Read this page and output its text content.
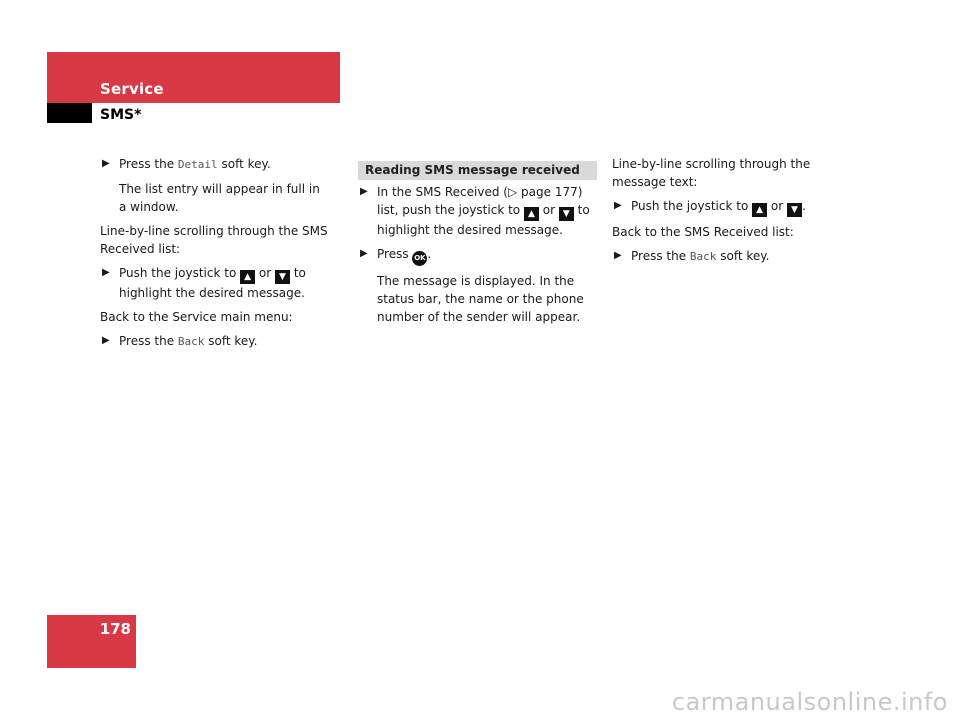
Service
SMS*
▶ Press the Detail soft key.
The list entry will appear in full in a window.
Line-by-line scrolling through the SMS Received list:
▶ Push the joystick to ▲ or ▼ to highlight the desired message.
Back to the Service main menu:
▶ Press the Back soft key.
Reading SMS message received
▶ In the SMS Received (▷ page 177) list, push the joystick to ▲ or ▼ to highlight the desired message.
▶ Press OK .
The message is displayed. In the status bar, the name or the phone number of the sender will appear.
Line-by-line scrolling through the message text:
▶ Push the joystick to ▲ or ▼ .
Back to the SMS Received list:
▶ Press the Back soft key.
178
carmanualsonline.info
